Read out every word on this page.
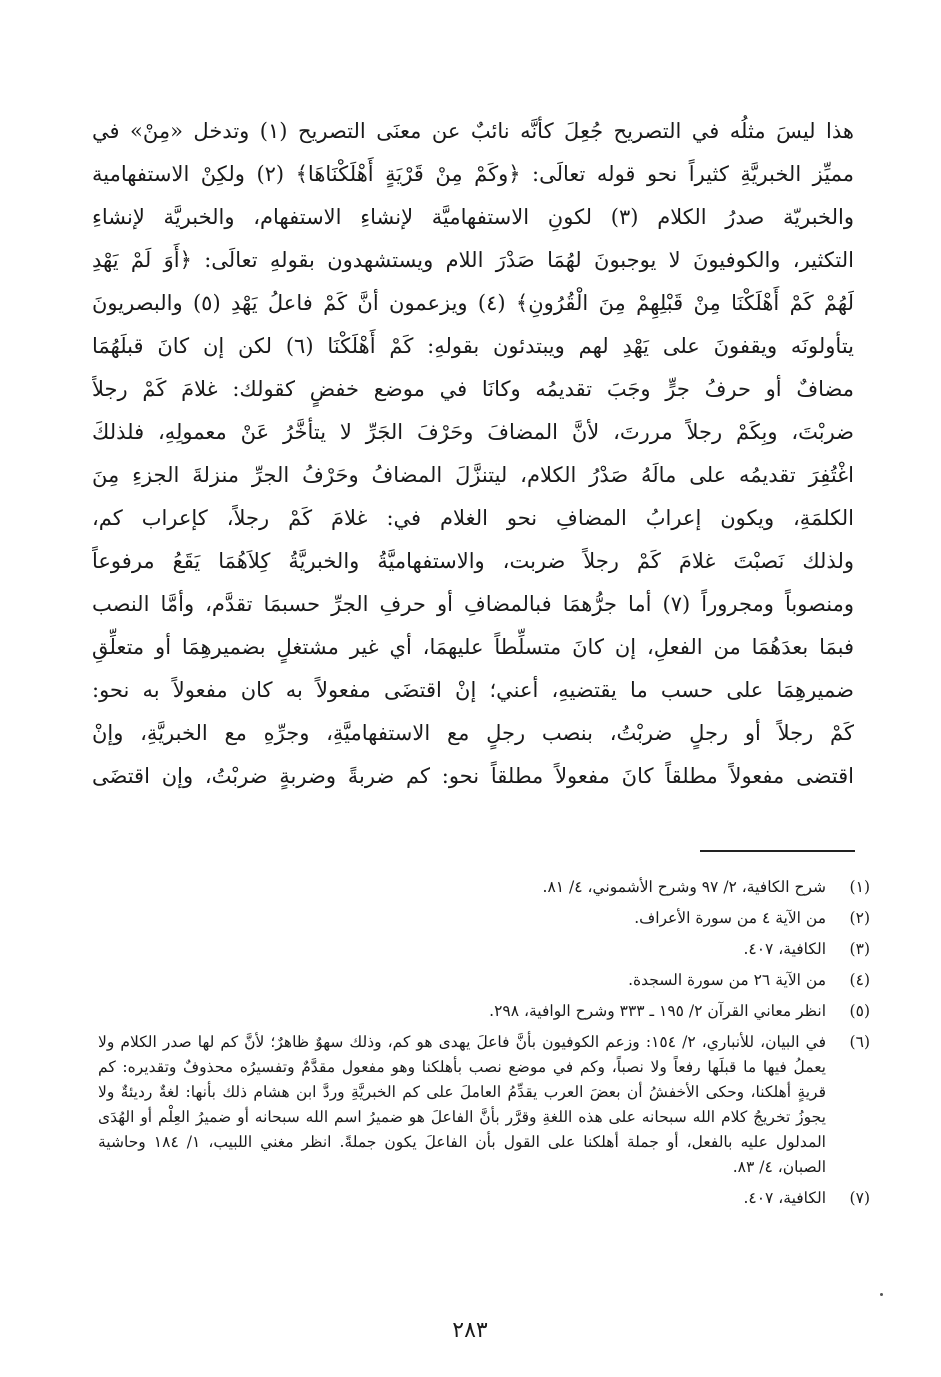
هذا ليسَ مثلُه في التصريح جُعِلَ كأنَّه نائبٌ عن معنَى التصريح (١) وتدخل «مِنْ» في
مميِّز الخبريَّةِ كثيراً نحو قوله تعالَى: ﴿وكَمْ مِنْ قَرْيَةٍ أَهْلَكْنَاهَا﴾ (٢) ولكِنْ الاستفهامية
والخبريّة صدرُ الكلام (٣) لكونِ الاستفهاميَّة لإنشاءِ الاستفهام، والخبريَّة لإنشاءِ
التكثير، والكوفيونَ لا يوجبونَ لهُمَا صَدْرَ اللام ويستشهدون بقولهِ تعالَى: ﴿أَوَ لَمْ يَهْدِ
لَهُمْ كَمْ أَهْلَكْنَا مِنْ قَبْلِهِمْ مِنَ الْقُرُونِ﴾ (٤) ويزعمون أنَّ كَمْ فاعلُ يَهْدِ (٥) والبصريونَ
يتأولونَه ويقفونَ على يَهْدِ لهم ويبتدئون بقولهِ: كَمْ أَهْلَكْنَا (٦) لكن إن كانَ قبلَهُمَا
مضافٌ أو حرفُ جرٍّ وجَبَ تقديمُه وكانَا في موضع خفضٍ كقولك: غلامَ كَمْ رجلاً
ضربْتَ، وبِكَمْ رجلاً مررتَ، لأنَّ المضافَ وحَرْفَ الجَرِّ لا يتأخَّرُ عَنْ معمولِهِ، فلذلكَ
اغْتُفِرَ تقديمُه على مالَهُ صَدْرُ الكلام، ليتنزَّلَ المضافُ وحَرْفُ الجرِّ منزلةَ الجزءِ مِنَ
الكلمَةِ، ويكون إعرابُ المضافِ نحو الغلام في: غلامَ كَمْ رجلاً، كإعراب كم،
ولذلك نَصبْتَ غلامَ كَمْ رجلاً ضربت، والاستفهاميَّةُ والخبريَّةُ كِلاَهُمَا يَقَعُ مرفوعاً
ومنصوباً ومجروراً (٧) أما جرُّهمَا فبالمضافِ أو حرفِ الجرِّ حسبمَا تقدَّم، وأمَّا النصب
فبمَا بعدَهُمَا من الفعلِ، إن كانَ متسلِّطاً عليهمَا، أي غير مشتغلٍ بضميرهِمَا أو متعلِّقِ
ضميرهِمَا على حسب ما يقتضيهِ، أعني؛ إنْ اقتضَى مفعولاً به كان مفعولاً به نحو:
كَمْ رجلاً أو رجلٍ ضربْتُ، بنصب رجلٍ مع الاستفهاميَّةِ، وجرِّهِ مع الخبريَّةِ، وإنْ
اقتضى مفعولاً مطلقاً كانَ مفعولاً مطلقاً نحو: كم ضربةً وضربةٍ ضربْتُ، وإن اقتضَى
(١)
شرح الكافية، ٢/ ٩٧ وشرح الأشموني، ٤/ ٨١.
(٢)
من الآية ٤ من سورة الأعراف.
(٣)
الكافية، ٤٠٧.
(٤)
من الآية ٢٦ من سورة السجدة.
(٥)
انظر معاني القرآن ٢/ ١٩٥ ـ ٣٣٣ وشرح الوافية، ٢٩٨.
(٦)
في البيان، للأنباري، ٢/ ١٥٤: وزعم الكوفيون بأنَّ فاعلَ يهدى هو كم، وذلك سهوٌ ظاهرٌ؛ لأنَّ كم لها صدر الكلام ولا يعملُ فيها ما قبلَها رفعاً ولا نصباً، وكم في موضع نصب بأهلكنا وهو مفعول مقدَّمٌ وتفسيرُه محذوفٌ وتقديره: كم قريةٍ أهلكنا، وحكى الأخفشُ أن بعضَ العرب يقدِّمُ العاملَ على كم الخبريَّةِ وردَّ ابن هشام ذلك بأنها: لغةٌ رديئةٌ ولا يجوزُ تخريجُ كلام الله سبحانه على هذه اللغةِ وقرَّر بأنَّ الفاعلَ هو ضميرُ اسم الله سبحانه أو ضميرُ العِلْم أو الهُدَى المدلول عليه بالفعل، أو جملة أهلكنا على القول بأن الفاعلَ يكون جملةً. انظر مغني اللبيب، ١/ ١٨٤ وحاشية الصبان، ٤/ ٨٣.
(٧)
الكافية، ٤٠٧.
٢٨٣
